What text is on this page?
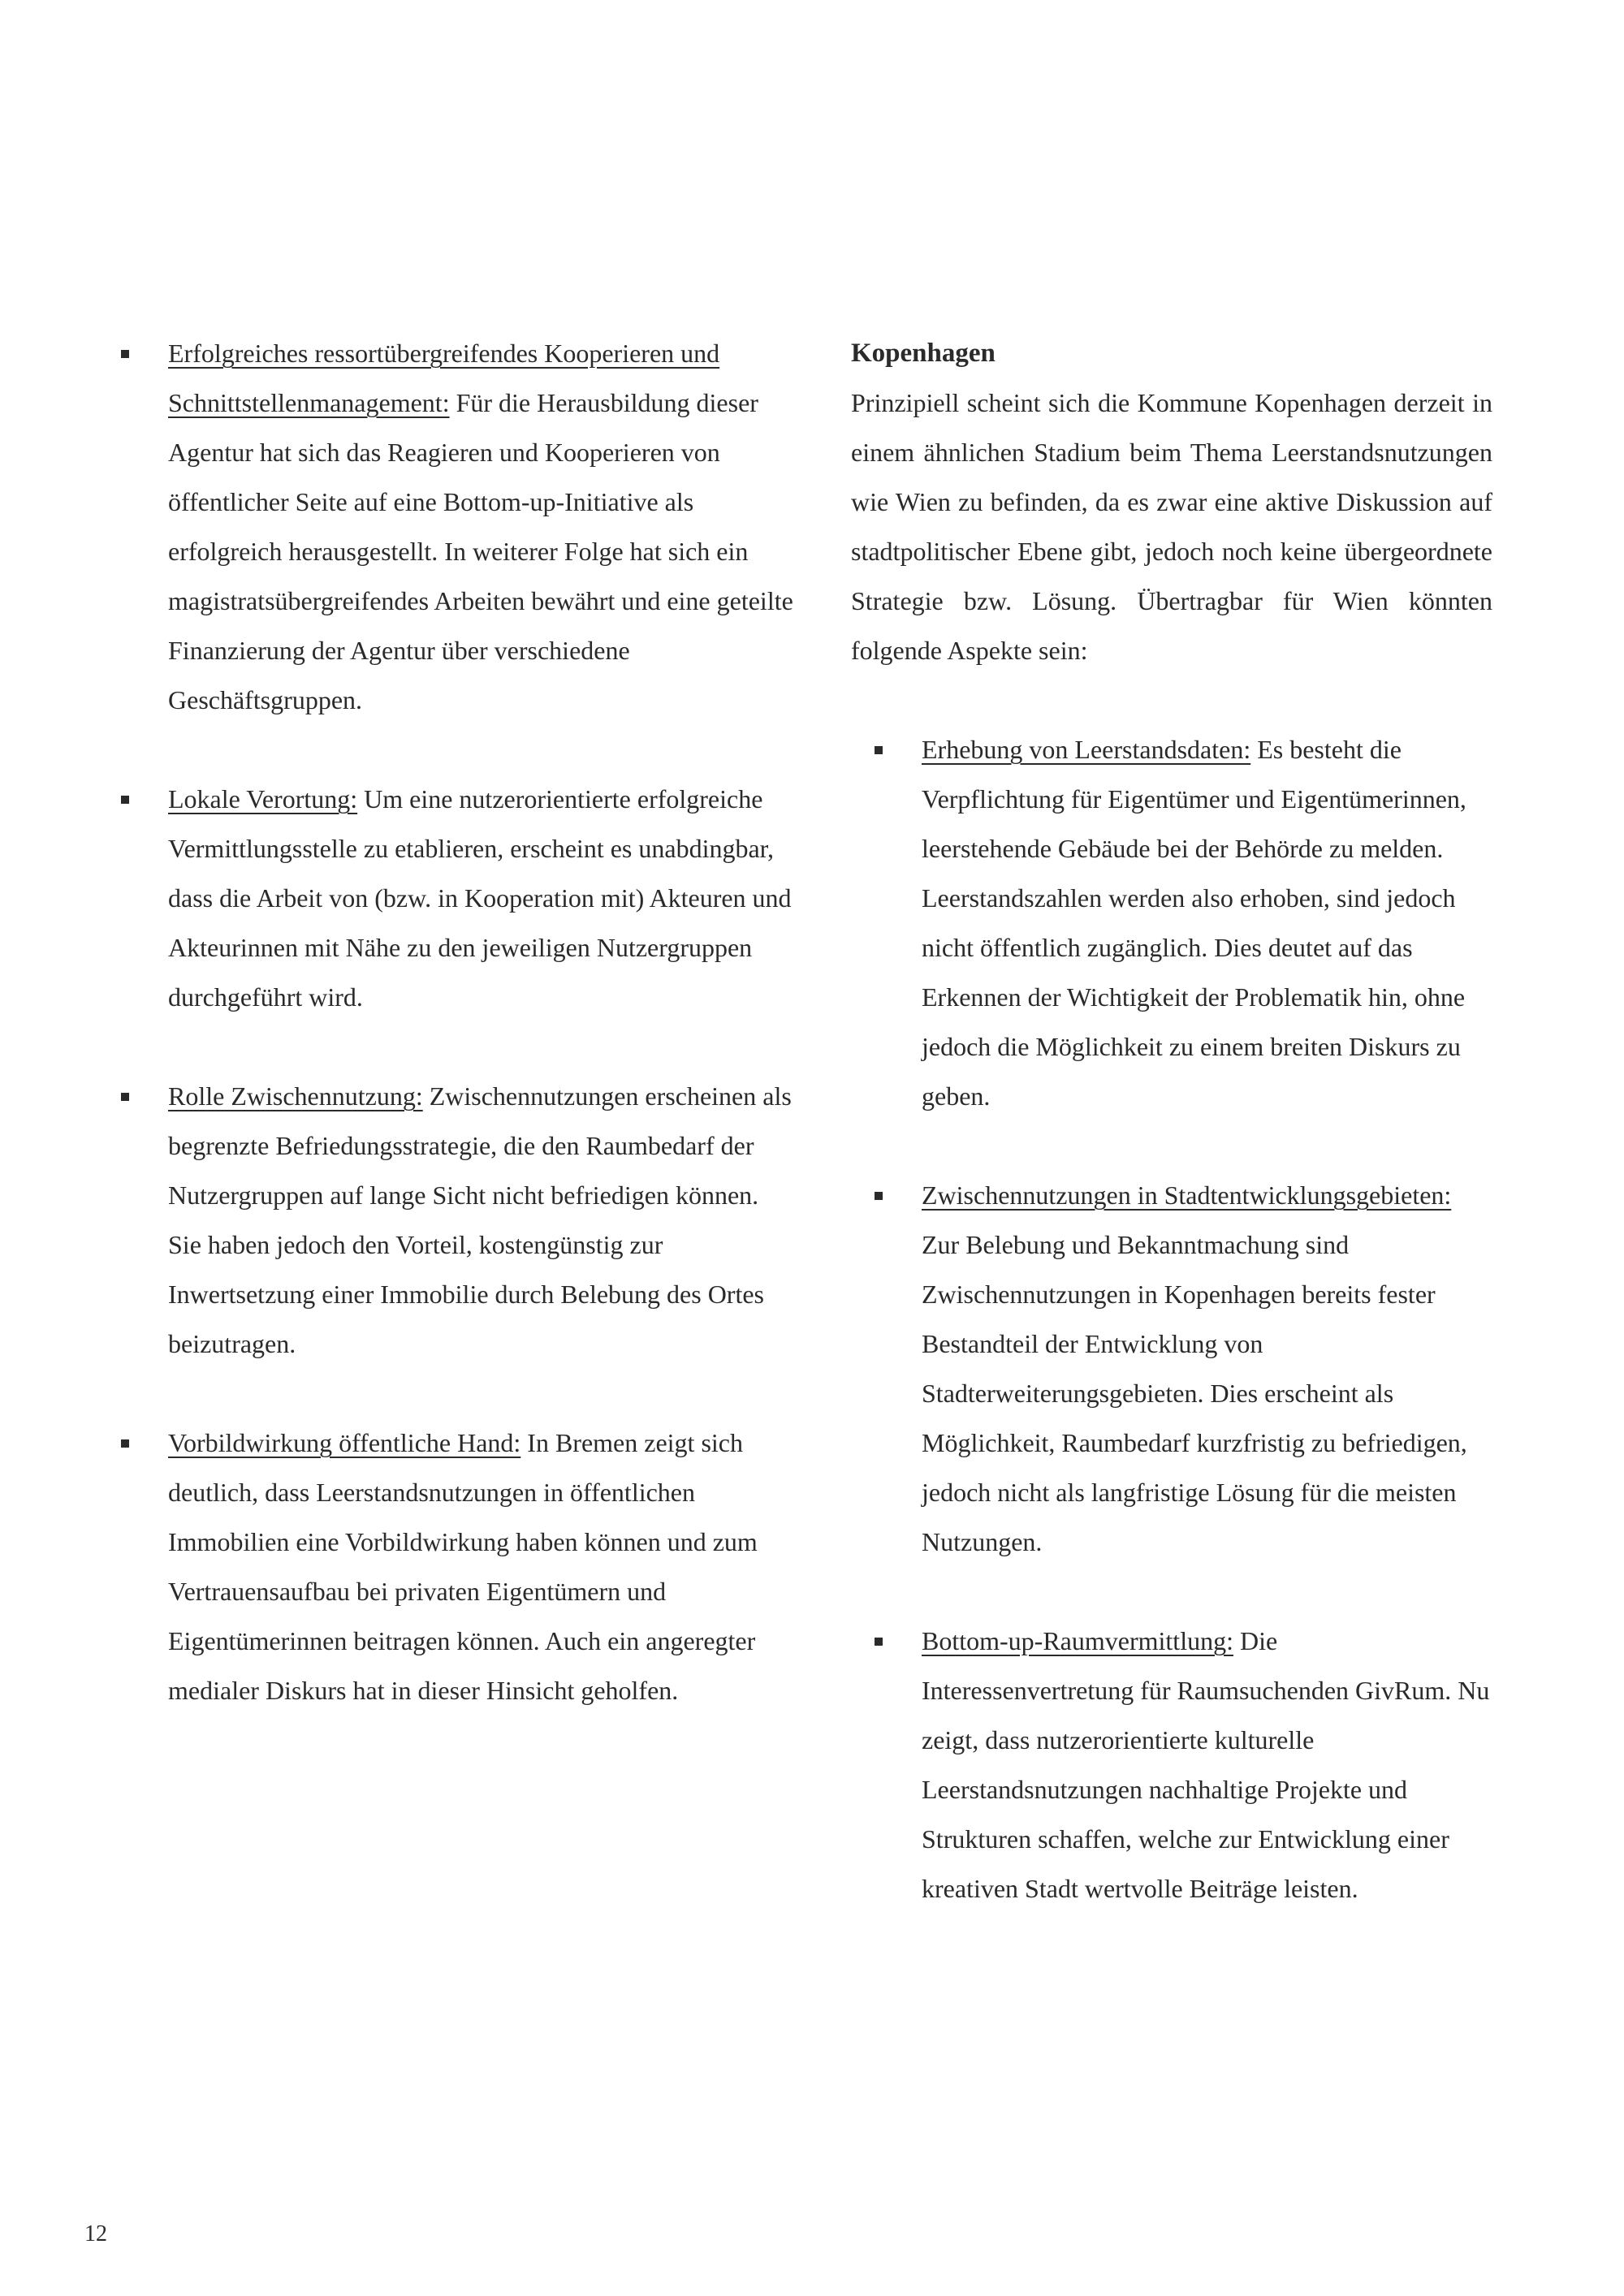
Erfolgreiches ressortübergreifendes Kooperieren und Schnittstellenmanagement: Für die Herausbildung dieser Agentur hat sich das Reagieren und Kooperieren von öffentlicher Seite auf eine Bottom-up-Initiative als erfolgreich herausgestellt. In weiterer Folge hat sich ein magistratsübergreifendes Arbeiten bewährt und eine geteilte Finanzierung der Agentur über verschiedene Geschäftsgruppen.
Lokale Verortung: Um eine nutzerorientierte erfolgreiche Vermittlungsstelle zu etablieren, erscheint es unabdingbar, dass die Arbeit von (bzw. in Kooperation mit) Akteuren und Akteurinnen mit Nähe zu den jeweiligen Nutzergruppen durchgeführt wird.
Rolle Zwischennutzung: Zwischennutzungen erscheinen als begrenzte Befriedungsstrategie, die den Raumbedarf der Nutzergruppen auf lange Sicht nicht befriedigen können. Sie haben jedoch den Vorteil, kostengünstig zur Inwertsetzung einer Immobilie durch Belebung des Ortes beizutragen.
Vorbildwirkung öffentliche Hand: In Bremen zeigt sich deutlich, dass Leerstandsnutzungen in öffentlichen Immobilien eine Vorbildwirkung haben können und zum Vertrauensaufbau bei privaten Eigentümern und Eigentümerinnen beitragen können. Auch ein angeregter medialer Diskurs hat in dieser Hinsicht geholfen.

Kopenhagen

Prinzipiell scheint sich die Kommune Kopenhagen derzeit in einem ähnlichen Stadium beim Thema Leerstandsnutzungen wie Wien zu befinden, da es zwar eine aktive Diskussion auf stadtpolitischer Ebene gibt, jedoch noch keine übergeordnete Strategie bzw. Lösung. Übertragbar für Wien könnten folgende Aspekte sein:

Erhebung von Leerstandsdaten: Es besteht die Verpflichtung für Eigentümer und Eigentümerinnen, leerstehende Gebäude bei der Behörde zu melden. Leerstandszahlen werden also erhoben, sind jedoch nicht öffentlich zugänglich. Dies deutet auf das Erkennen der Wichtigkeit der Problematik hin, ohne jedoch die Möglichkeit zu einem breiten Diskurs zu geben.
Zwischennutzungen in Stadtentwicklungsgebieten: Zur Belebung und Bekanntmachung sind Zwischennutzungen in Kopenhagen bereits fester Bestandteil der Entwicklung von Stadterweiterungsgebieten. Dies erscheint als Möglichkeit, Raumbedarf kurzfristig zu befriedigen, jedoch nicht als langfristige Lösung für die meisten Nutzungen.
Bottom-up-Raumvermittlung: Die Interessenvertretung für Raumsuchenden GivRum. Nu zeigt, dass nutzerorientierte kulturelle Leerstandsnutzungen nachhaltige Projekte und Strukturen schaffen, welche zur Entwicklung einer kreativen Stadt wertvolle Beiträge leisten.
12
